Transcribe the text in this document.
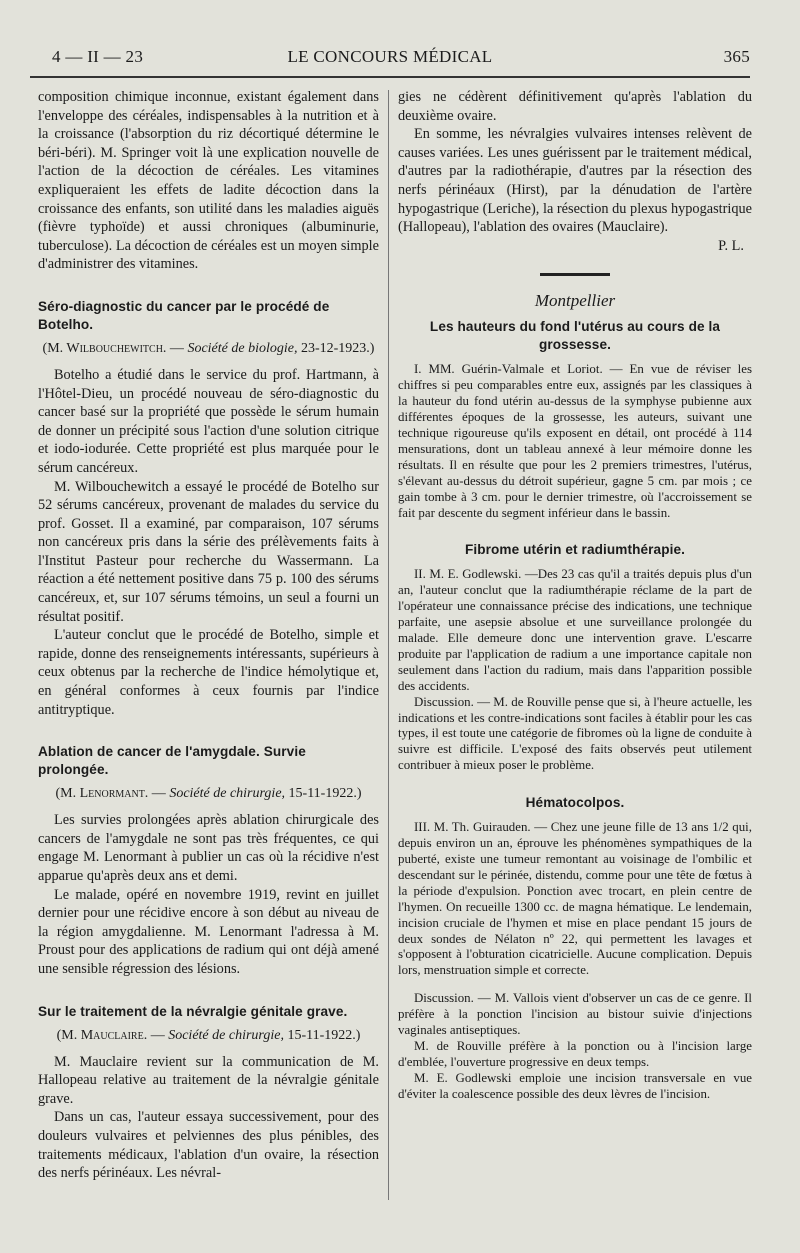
4 — II — 23	LE CONCOURS MÉDICAL	365

composition chimique inconnue, existant également dans l'enveloppe des céréales, indispensables à la nutrition et à la croissance (l'absorption du riz décortiqué détermine le béri-béri). M. Springer voit là une explication nouvelle de l'action de la décoction de céréales. Les vitamines expliqueraient les effets de ladite décoction dans la croissance des enfants, son utilité dans les maladies aiguës (fièvre typhoïde) et aussi chroniques (albuminurie, tuberculose). La décoction de céréales est un moyen simple d'administrer des vitamines.

Séro-diagnostic du cancer par le procédé de Botelho.
(M. Wilbouchewitch. — Société de biologie, 23-12-1923.)

Botelho a étudié dans le service du prof. Hartmann, à l'Hôtel-Dieu, un procédé nouveau de séro-diagnostic du cancer basé sur la propriété que possède le sérum humain de donner un précipité sous l'action d'une solution citrique et iodo-iodurée. Cette propriété est plus marquée pour le sérum cancéreux.

M. Wilbouchewitch a essayé le procédé de Botelho sur 52 sérums cancéreux, provenant de malades du service du prof. Gosset. Il a examiné, par comparaison, 107 sérums non cancéreux pris dans la série des prélèvements faits à l'Institut Pasteur pour recherche du Wassermann. La réaction a été nettement positive dans 75 p. 100 des sérums cancéreux, et, sur 107 sérums témoins, un seul a fourni un résultat positif.

L'auteur conclut que le procédé de Botelho, simple et rapide, donne des renseignements intéressants, supérieurs à ceux obtenus par la recherche de l'indice hémolytique et, en général conformes à ceux fournis par l'indice antitryptique.

Ablation de cancer de l'amygdale. Survie prolongée.
(M. Lenormant. — Société de chirurgie, 15-11-1922.)

Les survies prolongées après ablation chirurgicale des cancers de l'amygdale ne sont pas très fréquentes, ce qui engage M. Lenormant à publier un cas où la récidive n'est apparue qu'après deux ans et demi.

Le malade, opéré en novembre 1919, revint en juillet dernier pour une récidive encore à son début au niveau de la région amygdalienne. M. Lenormant l'adressa à M. Proust pour des applications de radium qui ont déjà amené une sensible régression des lésions.

Sur le traitement de la névralgie génitale grave.
(M. Mauclaire. — Société de chirurgie, 15-11-1922.)

M. Mauclaire revient sur la communication de M. Hallopeau relative au traitement de la névralgie génitale grave.

Dans un cas, l'auteur essaya successivement, pour des douleurs vulvaires et pelviennes des plus pénibles, des traitements médicaux, l'ablation d'un ovaire, la résection des nerfs périnéaux. Les névral-

gies ne cédèrent définitivement qu'après l'ablation du deuxième ovaire.

En somme, les névralgies vulvaires intenses relèvent de causes variées. Les unes guérissent par le traitement médical, d'autres par la radiothérapie, d'autres par la résection des nerfs périnéaux (Hirst), par la dénudation de l'artère hypogastrique (Leriche), la résection du plexus hypogastrique (Hallopeau), l'ablation des ovaires (Mauclaire).

P. L.

Montpellier
Les hauteurs du fond l'utérus au cours de la grossesse.

I. MM. Guérin-Valmale et Loriot. — En vue de réviser les chiffres si peu comparables entre eux, assignés par les classiques à la hauteur du fond utérin au-dessus de la symphyse pubienne aux différentes époques de la grossesse, les auteurs, suivant une technique rigoureuse qu'ils exposent en détail, ont procédé à 114 mensurations, dont un tableau annexé à leur mémoire donne les résultats. Il en résulte que pour les 2 premiers trimestres, l'utérus, s'élevant au-dessus du détroit supérieur, gagne 5 cm. par mois ; ce gain tombe à 3 cm. pour le dernier trimestre, où l'accroissement se fait par descente du segment inférieur dans le bassin.

Fibrome utérin et radiumthérapie.

II. M. E. Godlewski. —Des 23 cas qu'il a traités depuis plus d'un an, l'auteur conclut que la radiumthérapie réclame de la part de l'opérateur une connaissance précise des indications, une technique parfaite, une asepsie absolue et une surveillance prolongée du malade. Elle demeure donc une intervention grave. L'escarre produite par l'application de radium a une importance capitale non seulement dans l'action du radium, mais dans l'apparition possible des accidents.

Discussion. — M. de Rouville pense que si, à l'heure actuelle, les indications et les contre-indications sont faciles à établir pour les cas types, il est toute une catégorie de fibromes où la ligne de conduite à suivre est difficile. L'exposé des faits observés peut utilement contribuer à mieux poser le problème.

Hématocolpos.

III. M. Th. Guirauden. — Chez une jeune fille de 13 ans 1/2 qui, depuis environ un an, éprouve les phénomènes sympathiques de la puberté, existe une tumeur remontant au voisinage de l'ombilic et descendant sur le périnée, distendu, comme pour une tête de fœtus à la période d'expulsion. Ponction avec trocart, en plein centre de l'hymen. On recueille 1300 cc. de magna hématique. Le lendemain, incision cruciale de l'hymen et mise en place pendant 15 jours de deux sondes de Nélaton nº 22, qui permettent les lavages et s'opposent à l'obturation cicatricielle. Aucune complication. Depuis lors, menstruation simple et correcte.

Discussion. — M. Vallois vient d'observer un cas de ce genre. Il préfère à la ponction l'incision au bistour suivie d'injections vaginales antiseptiques.

M. de Rouville préfère à la ponction ou à l'incision large d'emblée, l'ouverture progressive en deux temps.

M. E. Godlewski emploie une incision transversale en vue d'éviter la coalescence possible des deux lèvres de l'incision.
